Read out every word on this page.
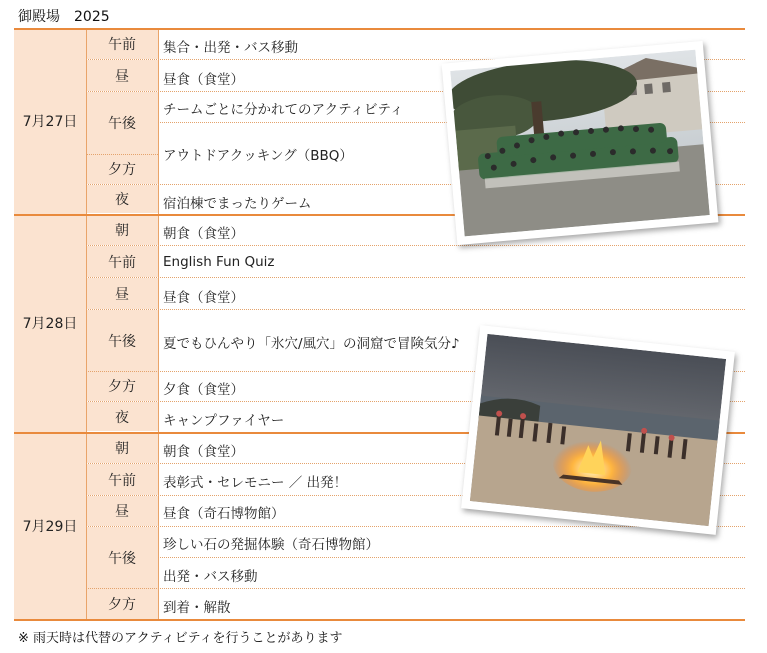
御殿場 2025
7月27日
7月28日
7月29日
午前
昼
午後
夕方
夜
朝
午前
昼
午後
夕方
夜
朝
午前
昼
午後
夕方
集合・出発・バス移動
昼食（食堂）
チームごとに分かれてのアクティビティ
アウトドアクッキング（BBQ）
宿泊棟でまったりゲーム
朝食（食堂）
English Fun Quiz
昼食（食堂）
夏でもひんやり「氷穴/風穴」の洞窟で冒険気分♪
夕食（食堂）
キャンプファイヤー
朝食（食堂）
表彰式・セレモニー ／ 出発！
昼食（奇石博物館）
珍しい石の発掘体験（奇石博物館）
出発・バス移動
到着・解散
※ 雨天時は代替のアクティビティを行うことがあります
